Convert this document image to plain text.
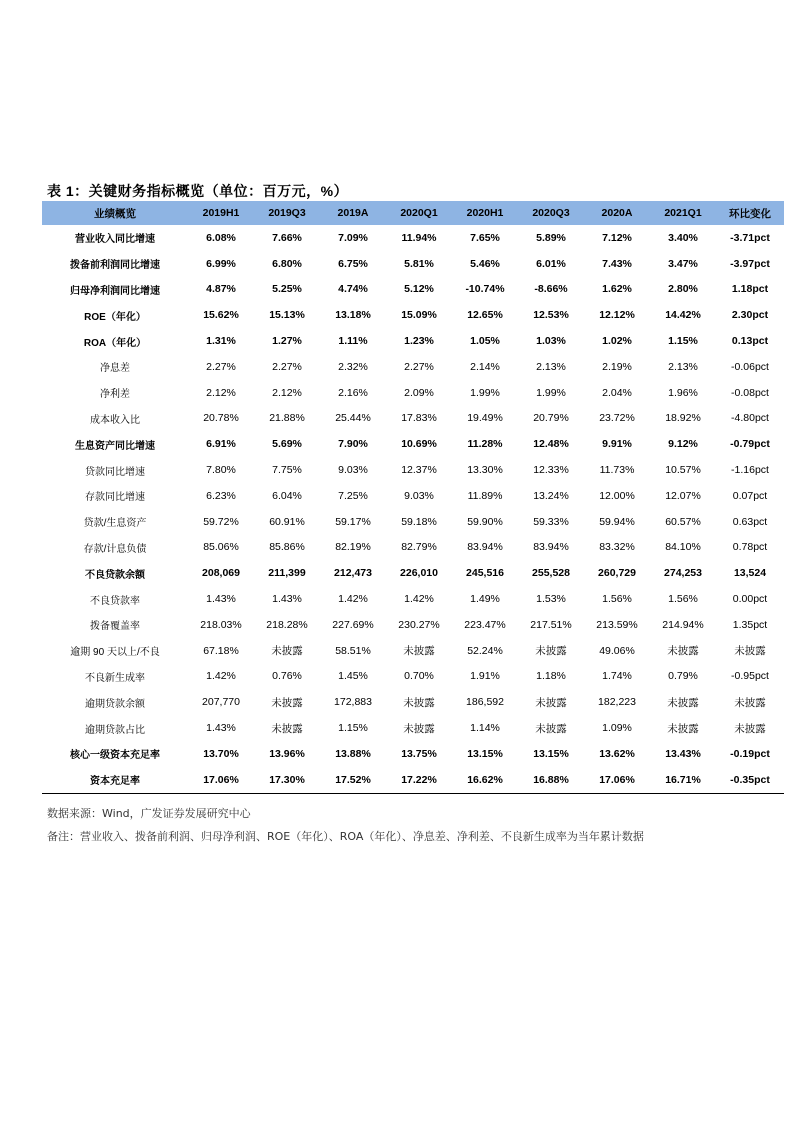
表 1：关键财务指标概览（单位：百万元，%）
业绩概览	2019H1	2019Q3	2019A	2020Q1	2020H1	2020Q3	2020A	2021Q1	环比变化
营业收入同比增速	6.08%	7.66%	7.09%	11.94%	7.65%	5.89%	7.12%	3.40%	-3.71pct
拨备前利润同比增速	6.99%	6.80%	6.75%	5.81%	5.46%	6.01%	7.43%	3.47%	-3.97pct
归母净利润同比增速	4.87%	5.25%	4.74%	5.12%	-10.74%	-8.66%	1.62%	2.80%	1.18pct
ROE（年化）	15.62%	15.13%	13.18%	15.09%	12.65%	12.53%	12.12%	14.42%	2.30pct
ROA（年化）	1.31%	1.27%	1.11%	1.23%	1.05%	1.03%	1.02%	1.15%	0.13pct
净息差	2.27%	2.27%	2.32%	2.27%	2.14%	2.13%	2.19%	2.13%	-0.06pct
净利差	2.12%	2.12%	2.16%	2.09%	1.99%	1.99%	2.04%	1.96%	-0.08pct
成本收入比	20.78%	21.88%	25.44%	17.83%	19.49%	20.79%	23.72%	18.92%	-4.80pct
生息资产同比增速	6.91%	5.69%	7.90%	10.69%	11.28%	12.48%	9.91%	9.12%	-0.79pct
贷款同比增速	7.80%	7.75%	9.03%	12.37%	13.30%	12.33%	11.73%	10.57%	-1.16pct
存款同比增速	6.23%	6.04%	7.25%	9.03%	11.89%	13.24%	12.00%	12.07%	0.07pct
贷款/生息资产	59.72%	60.91%	59.17%	59.18%	59.90%	59.33%	59.94%	60.57%	0.63pct
存款/计息负债	85.06%	85.86%	82.19%	82.79%	83.94%	83.94%	83.32%	84.10%	0.78pct
不良贷款余额	208,069	211,399	212,473	226,010	245,516	255,528	260,729	274,253	13,524
不良贷款率	1.43%	1.43%	1.42%	1.42%	1.49%	1.53%	1.56%	1.56%	0.00pct
拨备覆盖率	218.03%	218.28%	227.69%	230.27%	223.47%	217.51%	213.59%	214.94%	1.35pct
逾期 90 天以上/不良	67.18%	未披露	58.51%	未披露	52.24%	未披露	49.06%	未披露	未披露
不良新生成率	1.42%	0.76%	1.45%	0.70%	1.91%	1.18%	1.74%	0.79%	-0.95pct
逾期贷款余额	207,770	未披露	172,883	未披露	186,592	未披露	182,223	未披露	未披露
逾期贷款占比	1.43%	未披露	1.15%	未披露	1.14%	未披露	1.09%	未披露	未披露
核心一级资本充足率	13.70%	13.96%	13.88%	13.75%	13.15%	13.15%	13.62%	13.43%	-0.19pct
资本充足率	17.06%	17.30%	17.52%	17.22%	16.62%	16.88%	17.06%	16.71%	-0.35pct
数据来源：Wind，广发证券发展研究中心
备注：营业收入、拨备前利润、归母净利润、ROE（年化）、ROA（年化）、净息差、净利差、不良新生成率为当年累计数据
